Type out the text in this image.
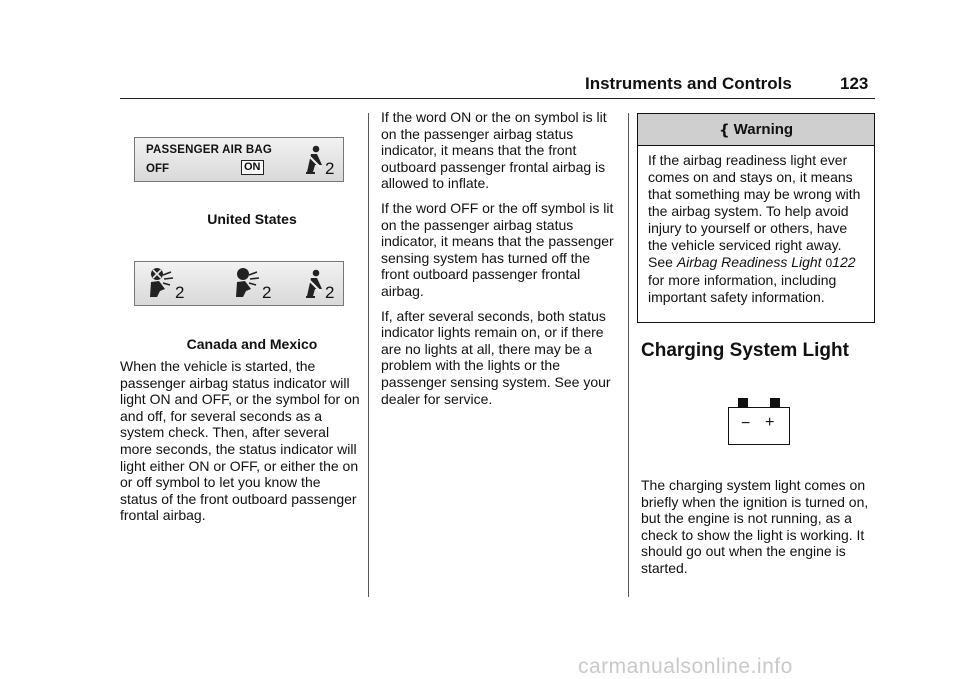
Instruments and Controls	123
PASSENGER AIR BAG
OFF	ON	2
United States
2	2	2
Canada and Mexico

When the vehicle is started, the passenger airbag status indicator will light ON and OFF, or the symbol for on and off, for several seconds as a system check. Then, after several more seconds, the status indicator will light either ON or OFF, or either the on or off symbol to let you know the status of the front outboard passenger frontal airbag.

If the word ON or the on symbol is lit on the passenger airbag status indicator, it means that the front outboard passenger frontal airbag is allowed to inflate.

If the word OFF or the off symbol is lit on the passenger airbag status indicator, it means that the passenger sensing system has turned off the front outboard passenger frontal airbag.

If, after several seconds, both status indicator lights remain on, or if there are no lights at all, there may be a problem with the lights or the passenger sensing system. See your dealer for service.

{ Warning
If the airbag readiness light ever comes on and stays on, it means that something may be wrong with the airbag system. To help avoid injury to yourself or others, have the vehicle serviced right away. See Airbag Readiness Light 0122 for more information, including important safety information.
Charging System Light
− +

The charging system light comes on briefly when the ignition is turned on, but the engine is not running, as a check to show the light is working. It should go out when the engine is started.

carmanualsonline.info
